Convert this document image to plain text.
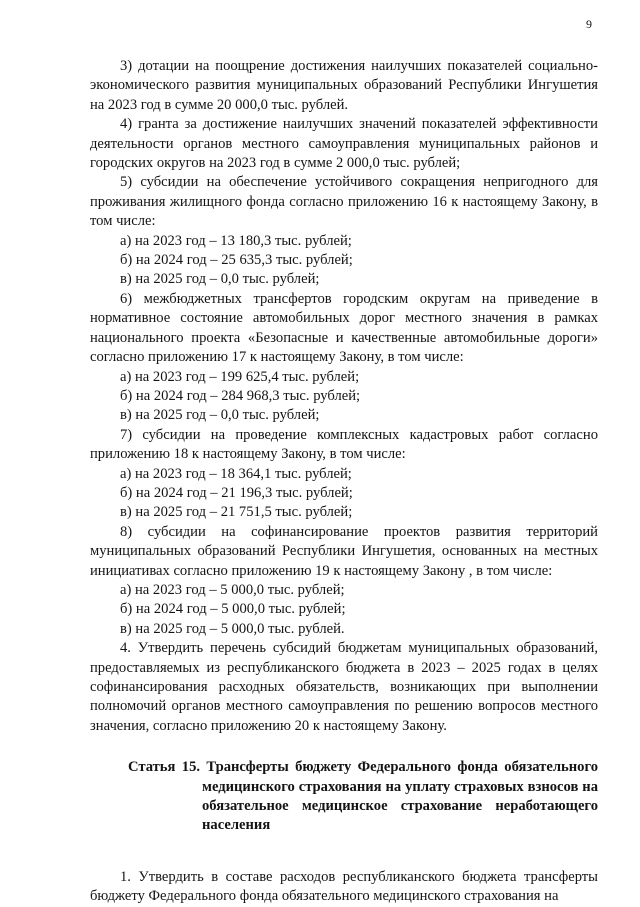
9

3) дотации на поощрение достижения наилучших показателей социально-экономического развития муниципальных образований Республики Ингушетия на 2023 год в сумме 20 000,0 тыс. рублей.

4) гранта за достижение наилучших значений показателей эффективности деятельности органов местного самоуправления муниципальных районов и городских округов на 2023 год в сумме 2 000,0 тыс. рублей;

5) субсидии на обеспечение устойчивого сокращения непригодного для проживания жилищного фонда согласно приложению 16 к настоящему Закону, в том числе:

а) на 2023 год – 13 180,3 тыс. рублей;

б) на 2024 год – 25 635,3 тыс. рублей;

в) на 2025 год – 0,0 тыс. рублей;

6) межбюджетных трансфертов городским округам на приведение в нормативное состояние автомобильных дорог местного значения в рамках национального проекта «Безопасные и качественные автомобильные дороги» согласно приложению 17 к настоящему Закону, в том числе:

а) на 2023 год – 199 625,4 тыс. рублей;

б) на 2024 год – 284 968,3 тыс. рублей;

в) на 2025 год – 0,0 тыс. рублей;

7) субсидии на проведение комплексных кадастровых работ согласно приложению 18 к настоящему Закону, в том числе:

а) на 2023 год – 18 364,1 тыс. рублей;

б) на 2024 год – 21 196,3 тыс. рублей;

в) на 2025 год – 21 751,5 тыс. рублей;

8) субсидии на софинансирование проектов развития территорий муниципальных образований Республики Ингушетия, основанных на местных инициативах согласно приложению 19 к настоящему Закону , в том числе:

а) на 2023 год – 5 000,0 тыс. рублей;

б) на 2024 год – 5 000,0 тыс. рублей;

в) на 2025 год – 5 000,0 тыс. рублей.

4. Утвердить перечень субсидий бюджетам муниципальных образований, предоставляемых из республиканского бюджета в 2023 – 2025 годах в целях софинансирования расходных обязательств, возникающих при выполнении полномочий органов местного самоуправления по решению вопросов местного значения, согласно приложению 20 к настоящему Закону.

Статья 15. Трансферты бюджету Федерального фонда обязательного медицинского страхования на уплату страховых взносов на обязательное медицинское страхование неработающего населения

1. Утвердить в составе расходов республиканского бюджета трансферты бюджету Федерального фонда обязательного медицинского страхования на
